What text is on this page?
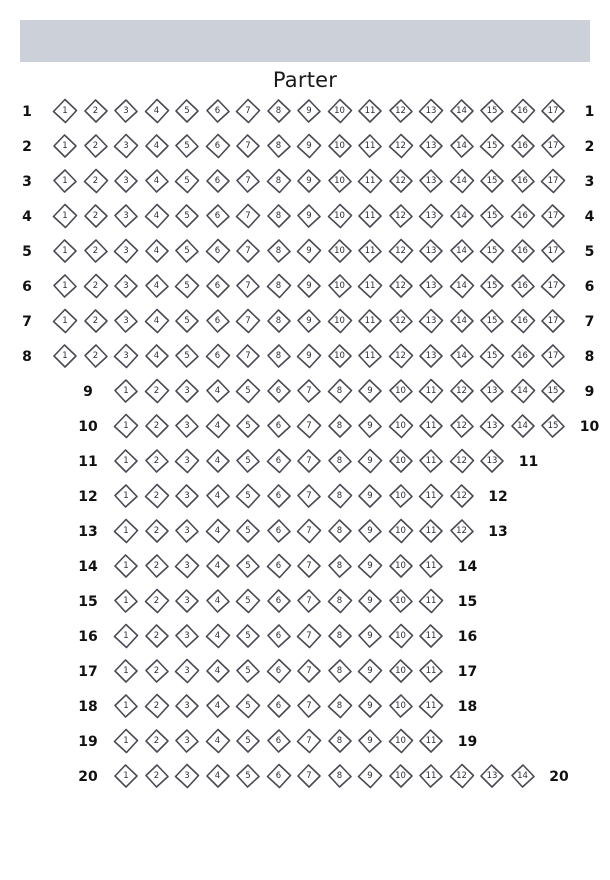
Parter
1	1	2	3	4	5	6	7	8	9	10	11	12	13	14	15	16	17	1
2	1	2	3	4	5	6	7	8	9	10	11	12	13	14	15	16	17	2
3	1	2	3	4	5	6	7	8	9	10	11	12	13	14	15	16	17	3
4	1	2	3	4	5	6	7	8	9	10	11	12	13	14	15	16	17	4
5	1	2	3	4	5	6	7	8	9	10	11	12	13	14	15	16	17	5
6	1	2	3	4	5	6	7	8	9	10	11	12	13	14	15	16	17	6
7	1	2	3	4	5	6	7	8	9	10	11	12	13	14	15	16	17	7
8	1	2	3	4	5	6	7	8	9	10	11	12	13	14	15	16	17	8
9	1	2	3	4	5	6	7	8	9	10	11	12	13	14	15	9
10	1	2	3	4	5	6	7	8	9	10	11	12	13	14	15	10
11	1	2	3	4	5	6	7	8	9	10	11	12	13	11
12	1	2	3	4	5	6	7	8	9	10	11	12	12
13	1	2	3	4	5	6	7	8	9	10	11	12	13
14	1	2	3	4	5	6	7	8	9	10	11	14
15	1	2	3	4	5	6	7	8	9	10	11	15
16	1	2	3	4	5	6	7	8	9	10	11	16
17	1	2	3	4	5	6	7	8	9	10	11	17
18	1	2	3	4	5	6	7	8	9	10	11	18
19	1	2	3	4	5	6	7	8	9	10	11	19
20	1	2	3	4	5	6	7	8	9	10	11	12	13	14	20
